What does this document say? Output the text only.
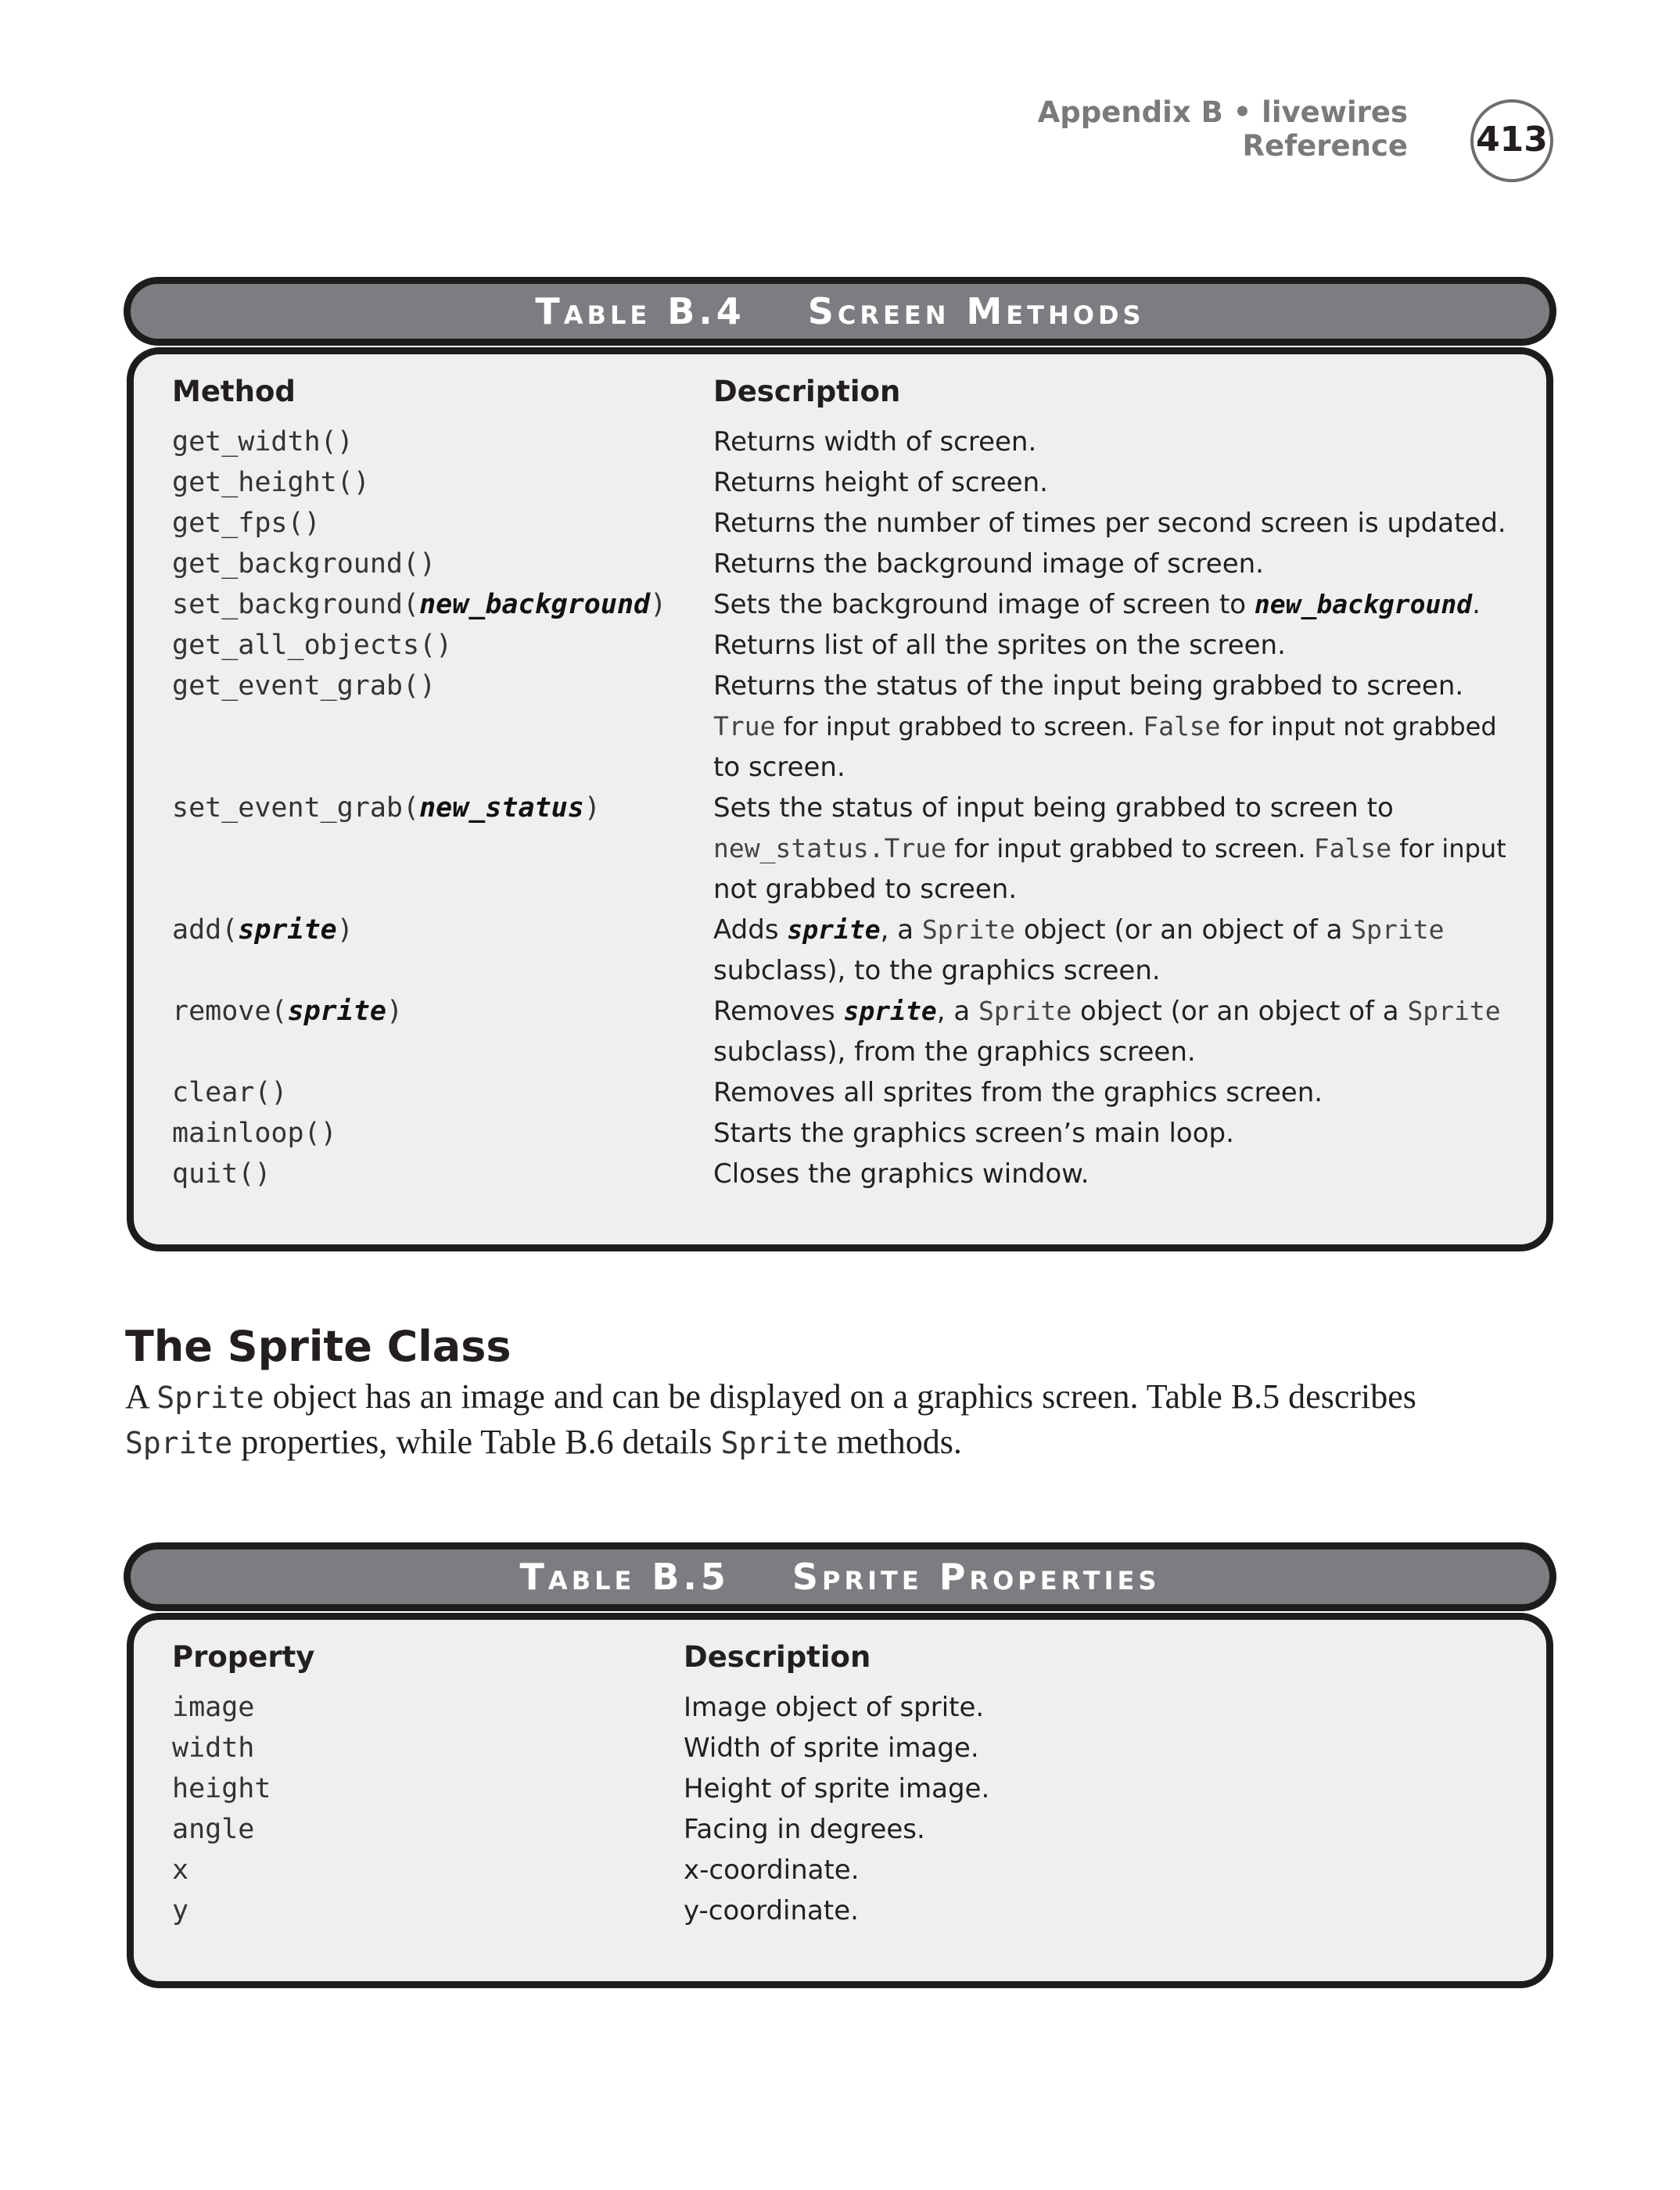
Appendix B • livewires Reference 413
Table B.4 Screen Methods
Method	Description
get_width()	Returns width of screen.
get_height()	Returns height of screen.
get_fps()	Returns the number of times per second screen is updated.
get_background()	Returns the background image of screen.
set_background(new_background) Sets the background image of screen to new_background.
get_all_objects()	Returns list of all the sprites on the screen.
get_event_grab()	Returns the status of the input being grabbed to screen.
True for input grabbed to screen. False for input not grabbed
to screen.
set_event_grab(new_status)	Sets the status of input being grabbed to screen to
new_status.True for input grabbed to screen. False for input
not grabbed to screen.
add(sprite)	Adds sprite, a Sprite object (or an object of a Sprite
subclass), to the graphics screen.
remove(sprite)	Removes sprite, a Sprite object (or an object of a Sprite
subclass), from the graphics screen.
clear()	Removes all sprites from the graphics screen.
mainloop()	Starts the graphics screen’s main loop.
quit()	Closes the graphics window.
The Sprite Class
A Sprite object has an image and can be displayed on a graphics screen. Table B.5 describes
Sprite properties, while Table B.6 details Sprite methods.
Table B.5 Sprite Properties
Property	Description
image	Image object of sprite.
width	Width of sprite image.
height	Height of sprite image.
angle	Facing in degrees.
x	x-coordinate.
y	y-coordinate.
